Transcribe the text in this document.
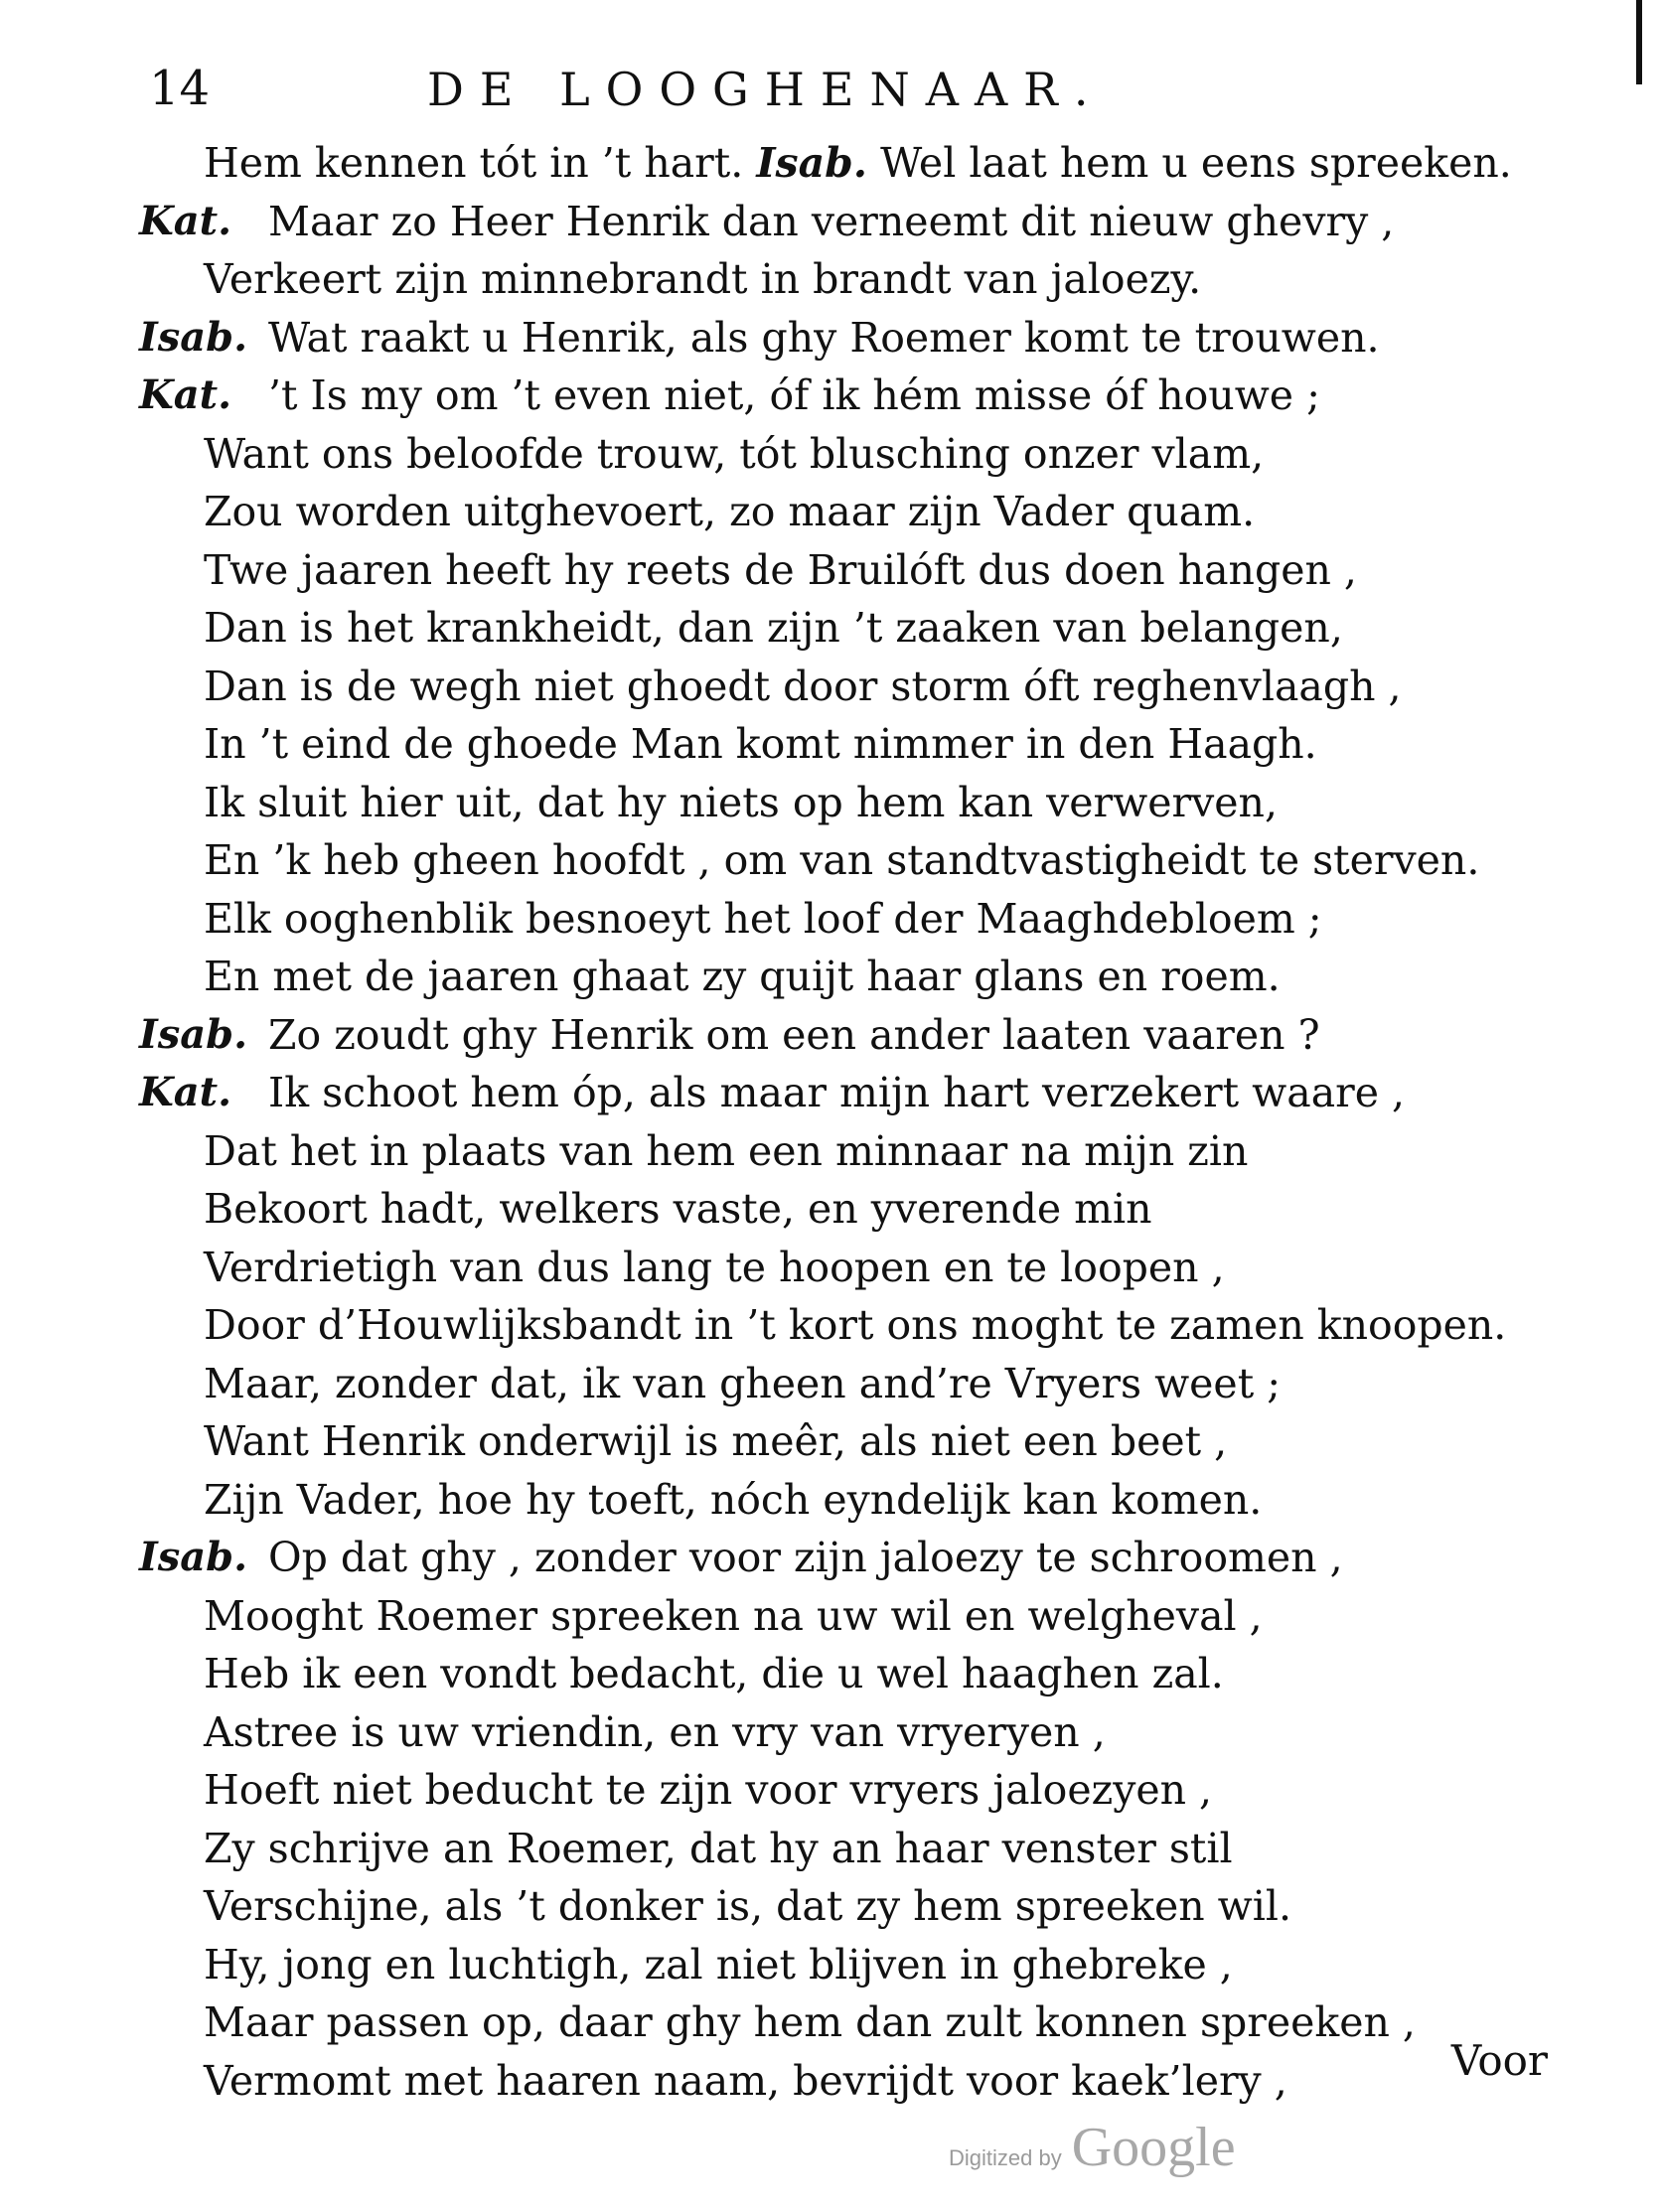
14	DE LOOGHENAAR.
Hem kennen tót in ’t hart. Isab. Wel laat hem u eens spreeken.
Kat. Maar zo Heer Henrik dan verneemt dit nieuw ghevry ,
Verkeert zijn minnebrandt in brandt van jaloezy.
Isab. Wat raakt u Henrik, als ghy Roemer komt te trouwen.
Kat. ’t Is my om ’t even niet, óf ik hém misse óf houwe ;
Want ons beloofde trouw, tót blusching onzer vlam,
Zou worden uitghevoert, zo maar zijn Vader quam.
Twe jaaren heeft hy reets de Bruilóft dus doen hangen ,
Dan is het krankheidt, dan zijn ’t zaaken van belangen,
Dan is de wegh niet ghoedt door storm óft reghenvlaagh ,
In ’t eind de ghoede Man komt nimmer in den Haagh.
Ik sluit hier uit, dat hy niets op hem kan verwerven,
En ’k heb gheen hoofdt , om van standtvastigheidt te sterven.
Elk ooghenblik besnoeyt het loof der Maaghdebloem ;
En met de jaaren ghaat zy quijt haar glans en roem.
Isab. Zo zoudt ghy Henrik om een ander laaten vaaren ?
Kat. Ik schoot hem óp, als maar mijn hart verzekert waare ,
Dat het in plaats van hem een minnaar na mijn zin
Bekoort hadt, welkers vaste, en yverende min
Verdrietigh van dus lang te hoopen en te loopen ,
Door d’Houwlijksbandt in ’t kort ons moght te zamen knoopen.
Maar, zonder dat, ik van gheen and’re Vryers weet ;
Want Henrik onderwijl is meêr, als niet een beet ,
Zijn Vader, hoe hy toeft, nóch eyndelijk kan komen.
Isab. Op dat ghy , zonder voor zijn jaloezy te schroomen ,
Mooght Roemer spreeken na uw wil en welgheval ,
Heb ik een vondt bedacht, die u wel haaghen zal.
Astree is uw vriendin, en vry van vryeryen ,
Hoeft niet beducht te zijn voor vryers jaloezyen ,
Zy schrijve an Roemer, dat hy an haar venster stil
Verschijne, als ’t donker is, dat zy hem spreeken wil.
Hy, jong en luchtigh, zal niet blijven in ghebreke ,
Maar passen op, daar ghy hem dan zult konnen spreeken ,
Vermomt met haaren naam, bevrijdt voor kaek’lery ,	Voor
Digitized by Google
